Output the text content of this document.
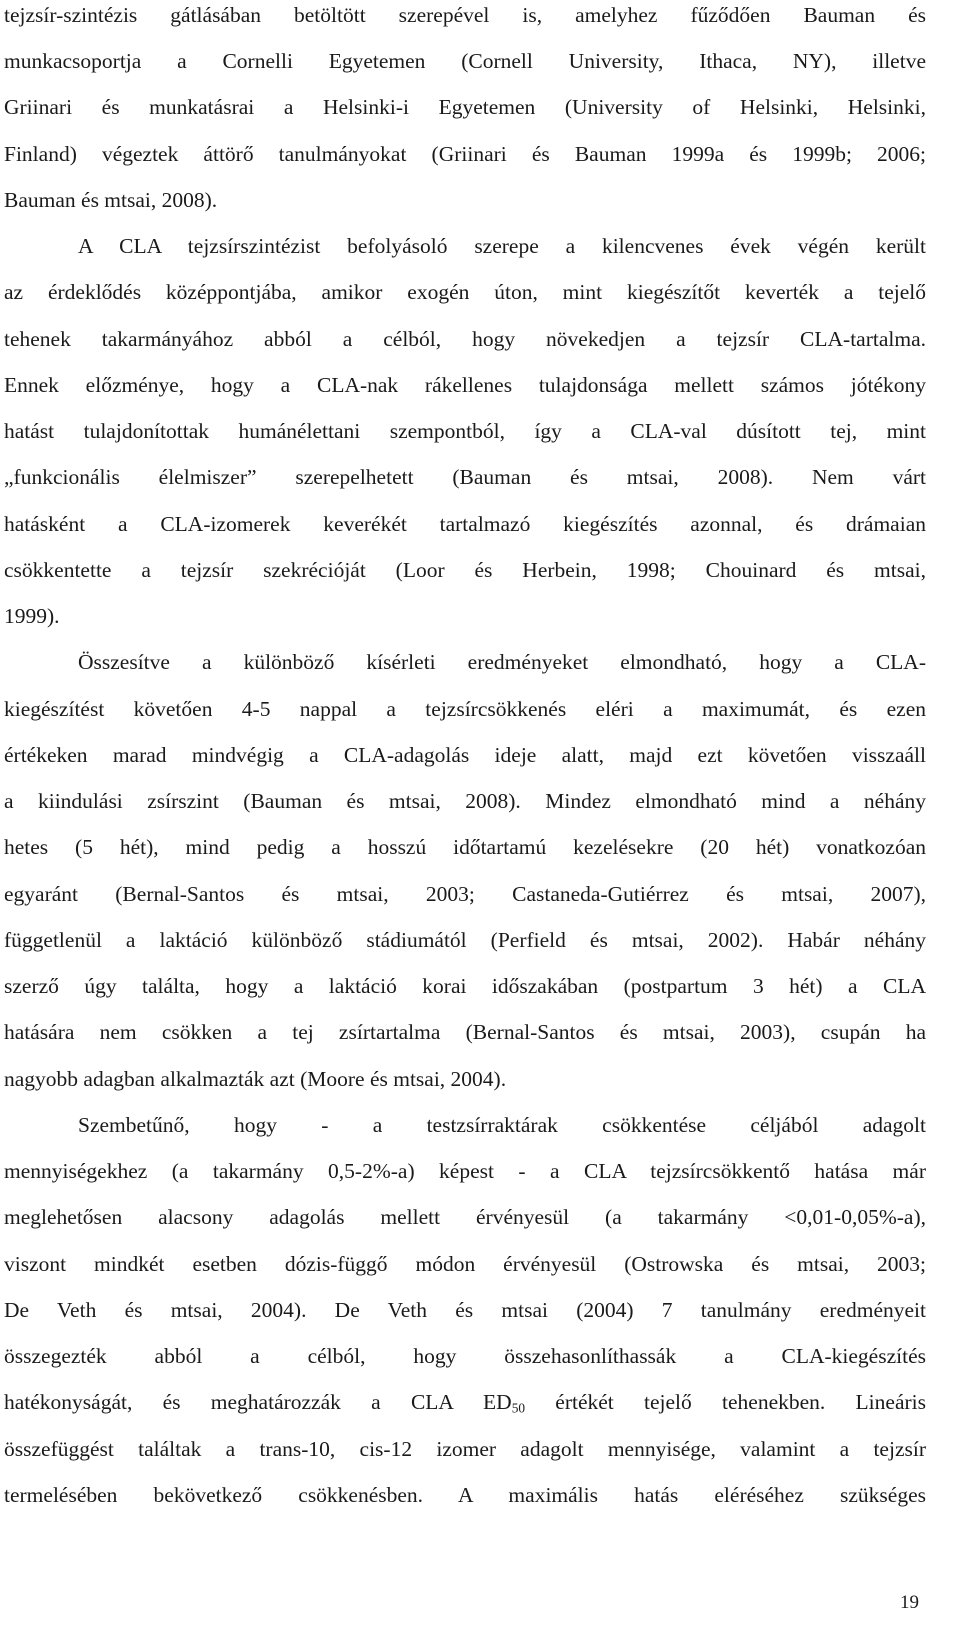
tejzsír-szintézis gátlásában betöltött szerepével is, amelyhez fűződően Bauman és
munkacsoportja a Cornelli Egyetemen (Cornell University, Ithaca, NY), illetve
Griinari és munkatásrai a Helsinki-i Egyetemen (University of Helsinki, Helsinki,
Finland) végeztek áttörő tanulmányokat (Griinari és Bauman 1999a és 1999b; 2006;
Bauman és mtsai, 2008).
A CLA tejzsírszintézist befolyásoló szerepe a kilencvenes évek végén került
az érdeklődés középpontjába, amikor exogén úton, mint kiegészítőt keverték a tejelő
tehenek takarmányához abból a célból, hogy növekedjen a tejzsír CLA-tartalma.
Ennek előzménye, hogy a CLA-nak rákellenes tulajdonsága mellett számos jótékony
hatást tulajdonítottak humánélettani szempontból, így a CLA-val dúsított tej, mint
„funkcionális élelmiszer” szerepelhetett (Bauman és mtsai, 2008). Nem várt
hatásként a CLA-izomerek keverékét tartalmazó kiegészítés azonnal, és drámaian
csökkentette a tejzsír szekrécióját (Loor és Herbein, 1998; Chouinard és mtsai,
1999).
Összesítve a különböző kísérleti eredményeket elmondható, hogy a CLA-
kiegészítést követően 4-5 nappal a tejzsírcsökkenés eléri a maximumát, és ezen
értékeken marad mindvégig a CLA-adagolás ideje alatt, majd ezt követően visszaáll
a kiindulási zsírszint (Bauman és mtsai, 2008). Mindez elmondható mind a néhány
hetes (5 hét), mind pedig a hosszú időtartamú kezelésekre (20 hét) vonatkozóan
egyaránt (Bernal-Santos és mtsai, 2003; Castaneda-Gutiérrez és mtsai, 2007),
függetlenül a laktáció különböző stádiumától (Perfield és mtsai, 2002). Habár néhány
szerző úgy találta, hogy a laktáció korai időszakában (postpartum 3 hét) a CLA
hatására nem csökken a tej zsírtartalma (Bernal-Santos és mtsai, 2003), csupán ha
nagyobb adagban alkalmazták azt (Moore és mtsai, 2004).
Szembetűnő, hogy - a testzsírraktárak csökkentése céljából adagolt
mennyiségekhez (a takarmány 0,5-2%-a) képest - a CLA tejzsírcsökkentő hatása már
meglehetősen alacsony adagolás mellett érvényesül (a takarmány <0,01-0,05%-a),
viszont mindkét esetben dózis-függő módon érvényesül (Ostrowska és mtsai, 2003;
De Veth és mtsai, 2004). De Veth és mtsai (2004) 7 tanulmány eredményeit
összegezték abból a célból, hogy összehasonlíthassák a CLA-kiegészítés
hatékonyságát, és meghatározzák a CLA $ED_{50}$ értékét tejelő tehenekben. Lineáris
összefüggést találtak a trans-10, cis-12 izomer adagolt mennyisége, valamint a tejzsír
termelésében bekövetkező csökkenésben. A maximális hatás eléréséhez szükséges
19
